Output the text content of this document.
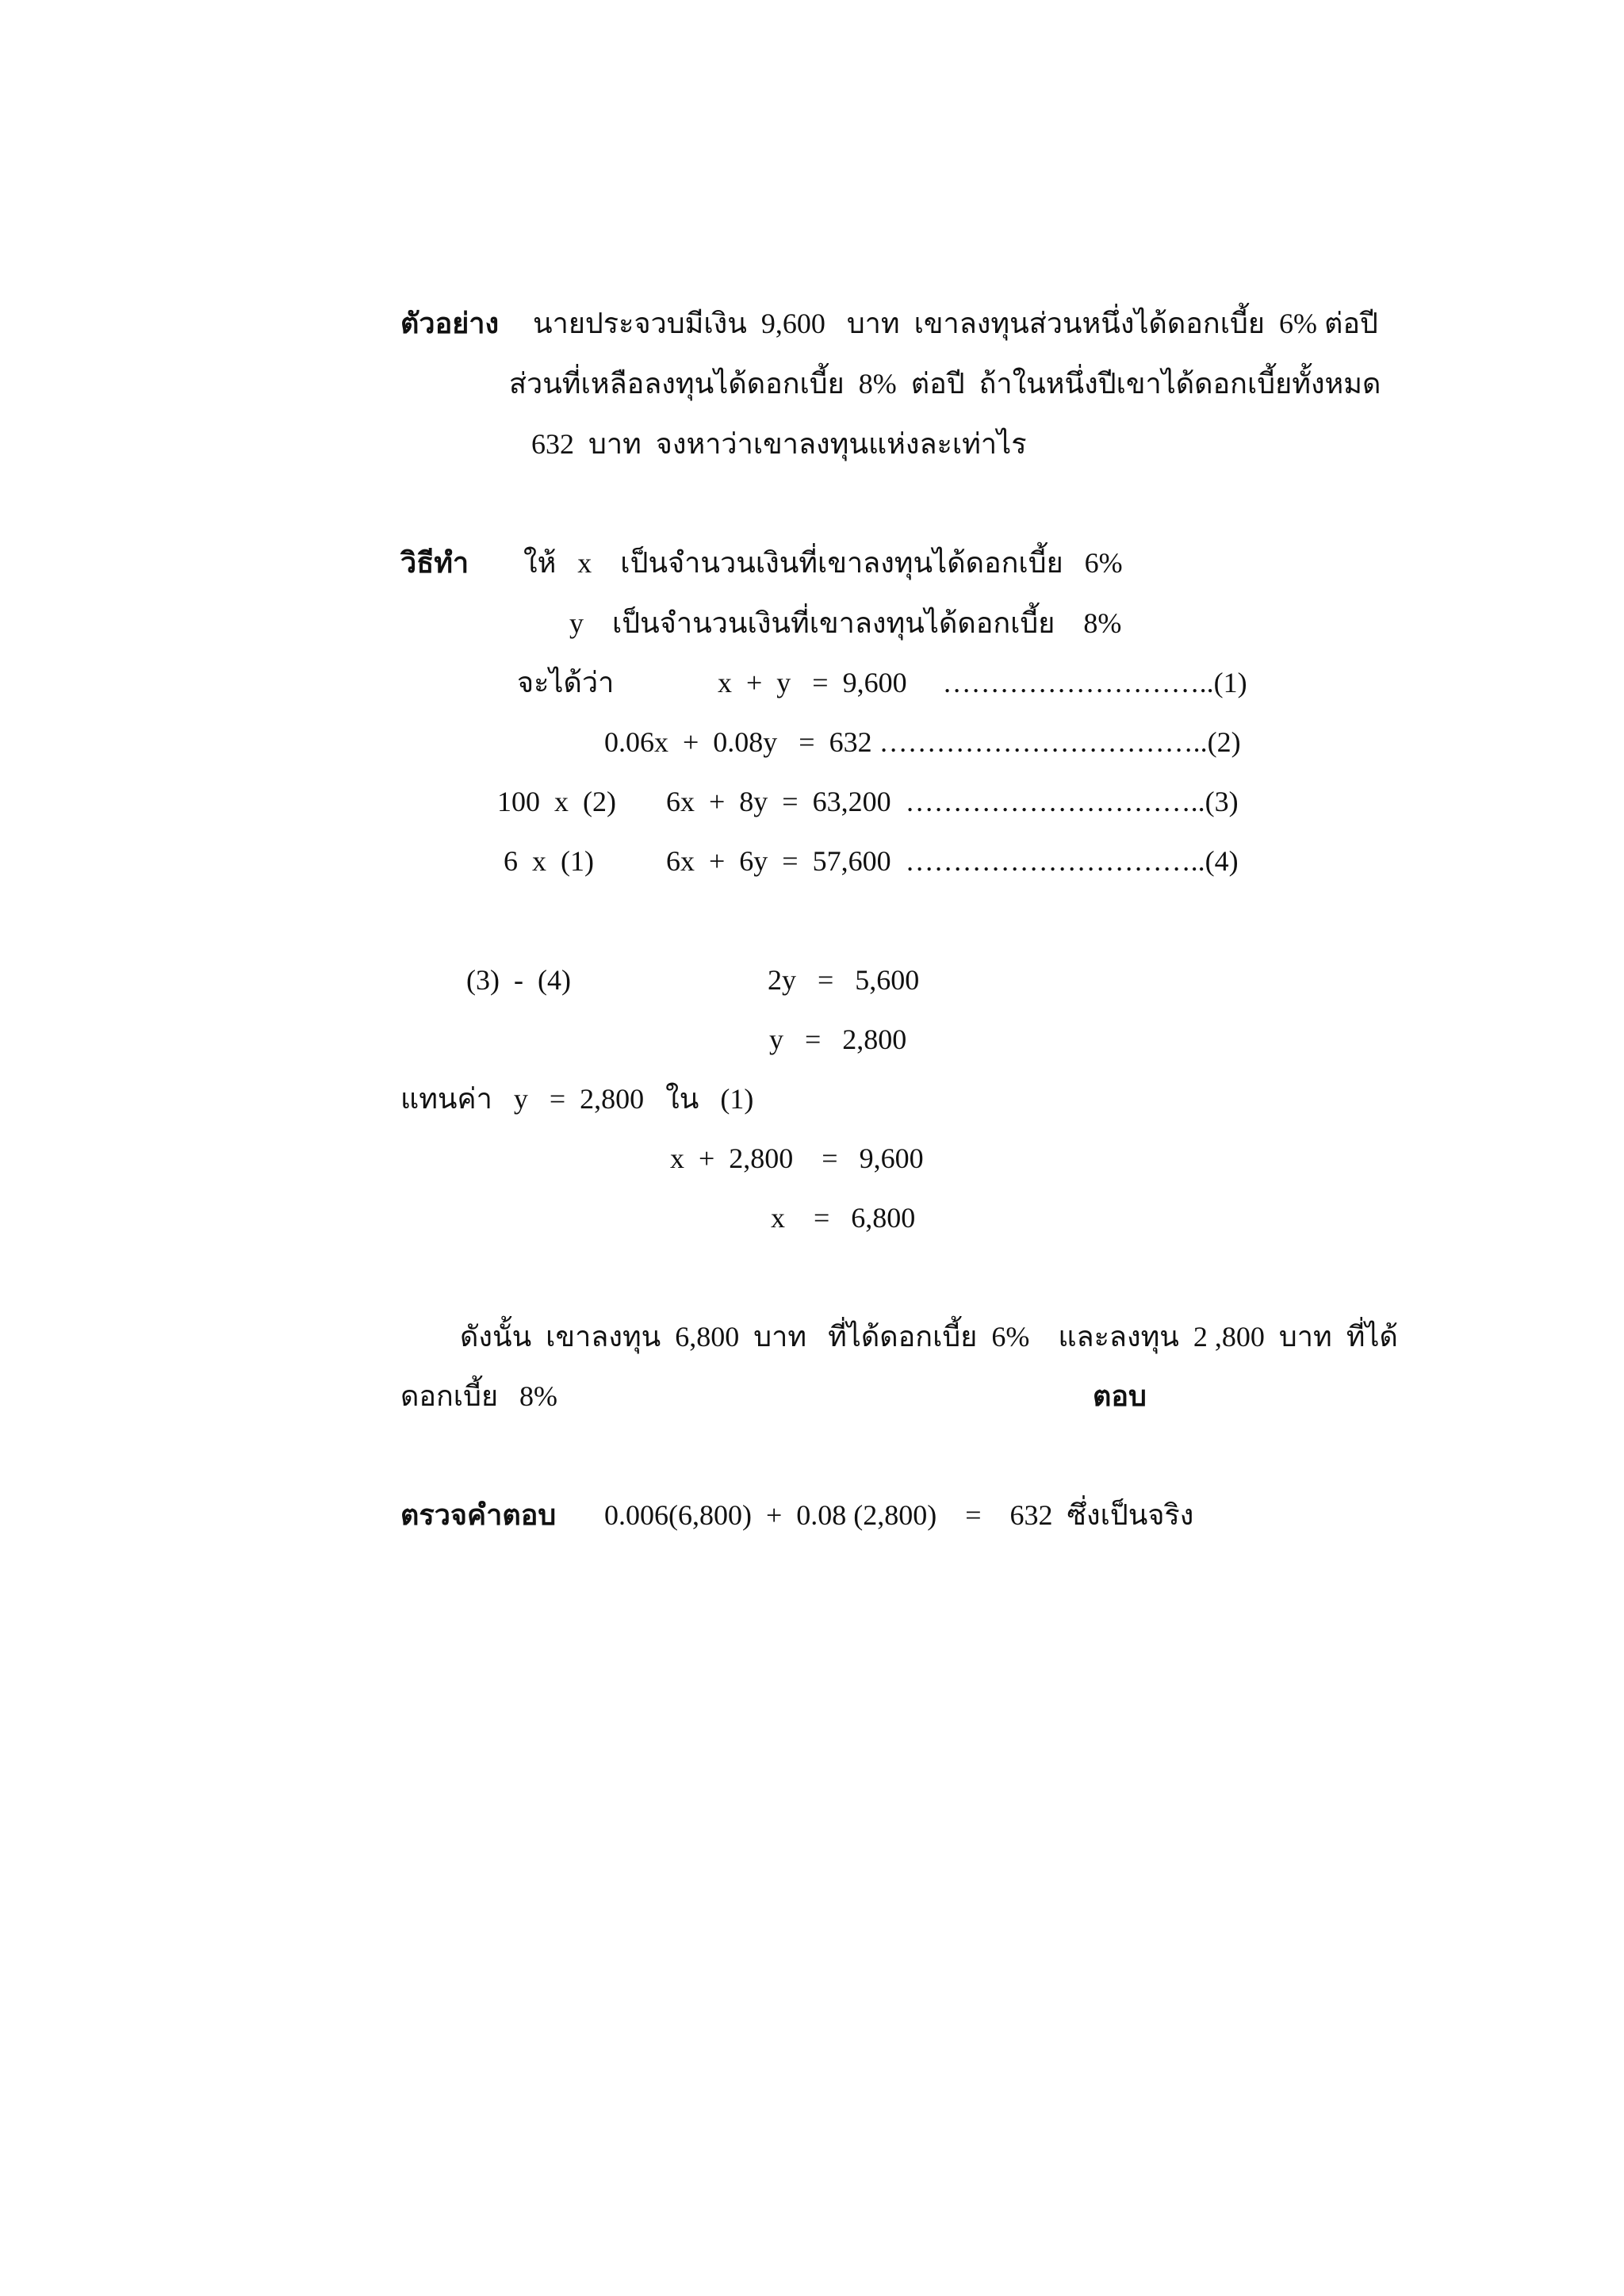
ตัวอย่าง นายประจวบมีเงิน  9,600   บาท  เขาลงทุนส่วนหนึ่งได้ดอกเบี้ย  6% ต่อปี
ส่วนที่เหลือลงทุนได้ดอกเบี้ย  8%  ต่อปี  ถ้าในหนึ่งปีเขาได้ดอกเบี้ยทั้งหมด
632  บาท  จงหาว่าเขาลงทุนแห่งละเท่าไร
วิธีทำ ให้   x    เป็นจำนวนเงินที่เขาลงทุนได้ดอกเบี้ย   6%
y    เป็นจำนวนเงินที่เขาลงทุนได้ดอกเบี้ย    8%
จะได้ว่า	x  +  y   =  9,600     ………………………..(1)
0.06x  +  0.08y   =  632 ……………………………..(2)
100  x  (2) 6x  +  8y  =  63,200  …………………………..(3)
6  x  (1)	6x  +  6y  =  57,600  …………………………..(4)
(3)  -  (4)	2y   =   5,600
y   =   2,800
แทนค่า   y   =  2,800   ใน   (1)
x  +  2,800    =   9,600
x    =   6,800
ดังนั้น  เขาลงทุน  6,800  บาท   ที่ได้ดอกเบี้ย  6%    และลงทุน  2 ,800  บาท  ที่ได้
ดอกเบี้ย   8%	ตอบ
ตรวจคำตอบ 0.006(6,800)  +  0.08 (2,800)    =    632  ซึ่งเป็นจริง
